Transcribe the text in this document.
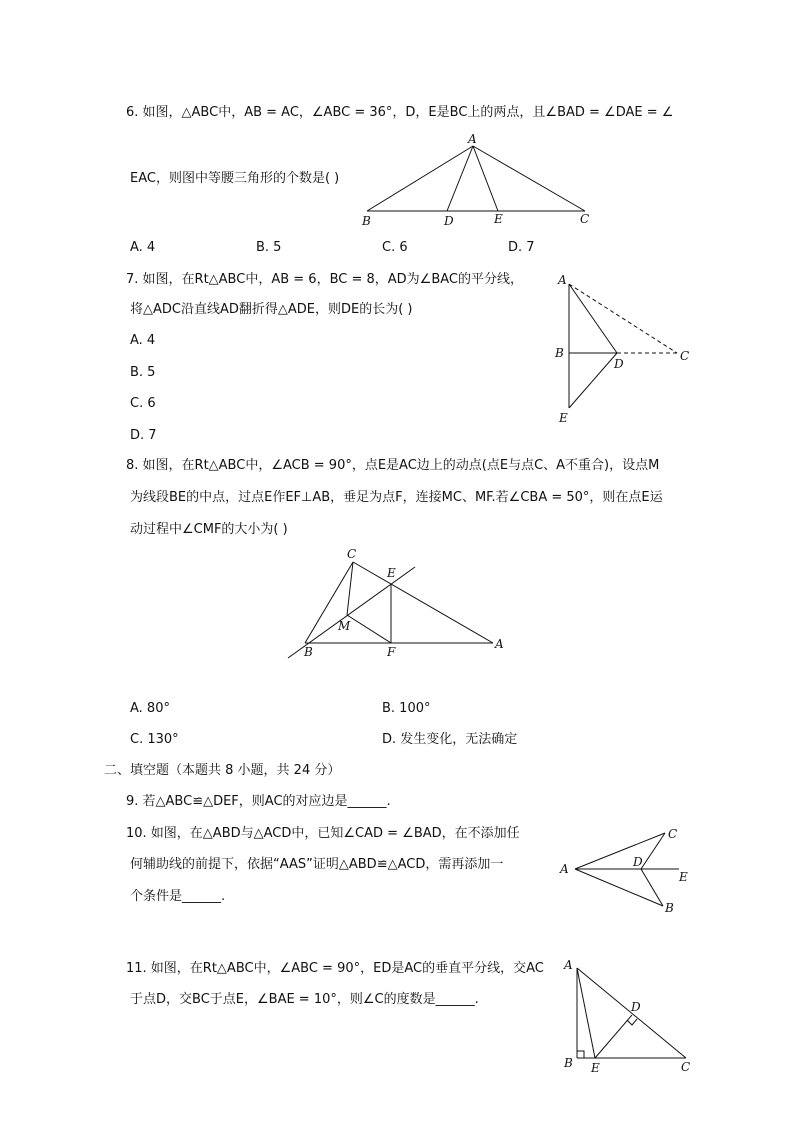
6. 如图，△ABC中，AB = AC，∠ABC = 36°，D，E是BC上的两点，且∠BAD = ∠DAE = ∠
EAC，则图中等腰三角形的个数是( )
A
B	D	E	C
A. 4	B. 5	C. 6	D. 7
7. 如图，在Rt△ABC中，AB = 6，BC = 8，AD为∠BAC的平分线，
将△ADC沿直线AD翻折得△ADE，则DE的长为( )
A. 4
B. 5
C. 6
D. 7
A
B
D
C
E
8. 如图，在Rt△ABC中，∠ACB = 90°，点E是AC边上的动点(点E与点C、A不重合)，设点M
为线段BE的中点，过点E作EF⊥AB，垂足为点F，连接MC、MF.若∠CBA = 50°，则在点E运
动过程中∠CMF的大小为( )
C
E
M
B	F
A
A. 80°	B. 100°
C. 130°	D. 发生变化，无法确定
二、填空题（本题共 8 小题，共 24 分）
9. 若△ABC≌△DEF，则AC的对应边是______.
10. 如图，在△ABD与△ACD中，已知∠CAD = ∠BAD，在不添加任
何辅助线的前提下，依据“AAS”证明△ABD≌△ACD，需再添加一
个条件是______.
C
D
A
E
B
11. 如图，在Rt△ABC中，∠ABC = 90°，ED是AC的垂直平分线，交AC
于点D，交BC于点E，∠BAE = 10°，则∠C的度数是______.
A
D
B E	C
